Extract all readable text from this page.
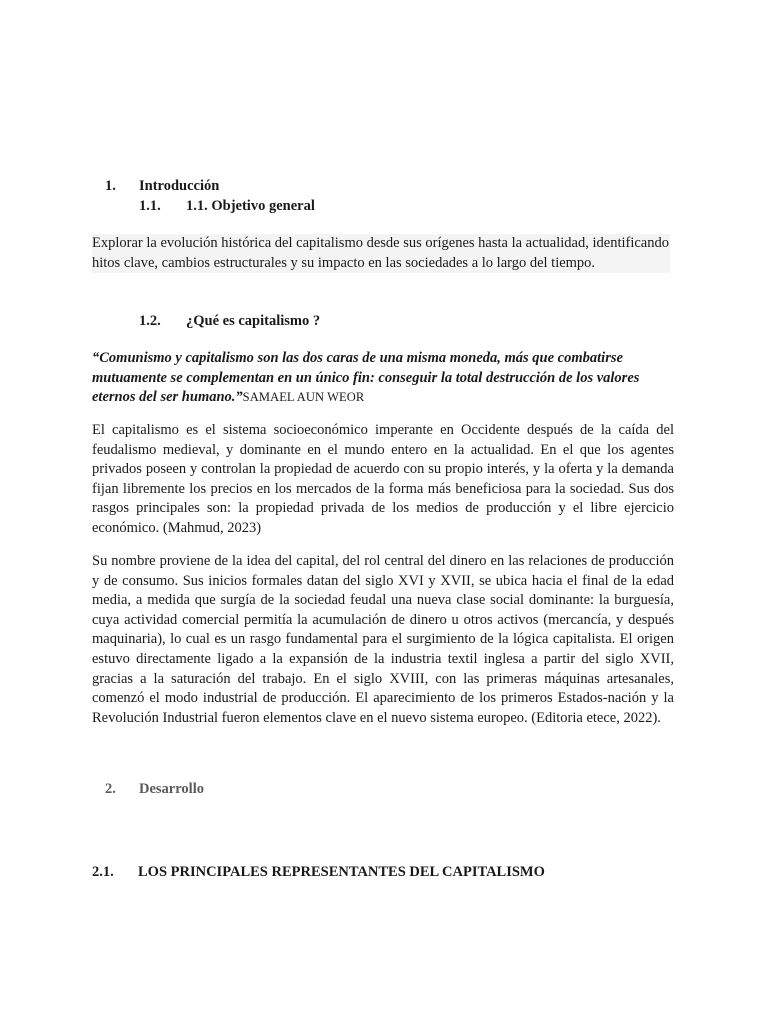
1. Introducción
1.1. 1.1. Objetivo general

Explorar la evolución histórica del capitalismo desde sus orígenes hasta la actualidad, identificando hitos clave, cambios estructurales y su impacto en las sociedades a lo largo del tiempo.

1.2. ¿Qué es capitalismo ?

“Comunismo y capitalismo son las dos caras de una misma moneda, más que combatirse mutuamente se complementan en un único fin: conseguir la total destrucción de los valores eternos del ser humano.”SAMAEL AUN WEOR

El capitalismo es el sistema socioeconómico imperante en Occidente después de la caída del feudalismo medieval, y dominante en el mundo entero en la actualidad. En el que los agentes privados poseen y controlan la propiedad de acuerdo con su propio interés, y la oferta y la demanda fijan libremente los precios en los mercados de la forma más beneficiosa para la sociedad. Sus dos rasgos principales son: la propiedad privada de los medios de producción y el libre ejercicio económico. (Mahmud, 2023)

Su nombre proviene de la idea del capital, del rol central del dinero en las relaciones de producción y de consumo. Sus inicios formales datan del siglo XVI y XVII, se ubica hacia el final de la edad media, a medida que surgía de la sociedad feudal una nueva clase social dominante: la burguesía, cuya actividad comercial permitía la acumulación de dinero u otros activos (mercancía, y después maquinaria), lo cual es un rasgo fundamental para el surgimiento de la lógica capitalista. El origen estuvo directamente ligado a la expansión de la industria textil inglesa a partir del siglo XVII, gracias a la saturación del trabajo. En el siglo XVIII, con las primeras máquinas artesanales, comenzó el modo industrial de producción. El aparecimiento de los primeros Estados-nación y la Revolución Industrial fueron elementos clave en el nuevo sistema europeo. (Editoria etece, 2022).

2. Desarrollo
2.1. LOS PRINCIPALES REPRESENTANTES DEL CAPITALISMO
